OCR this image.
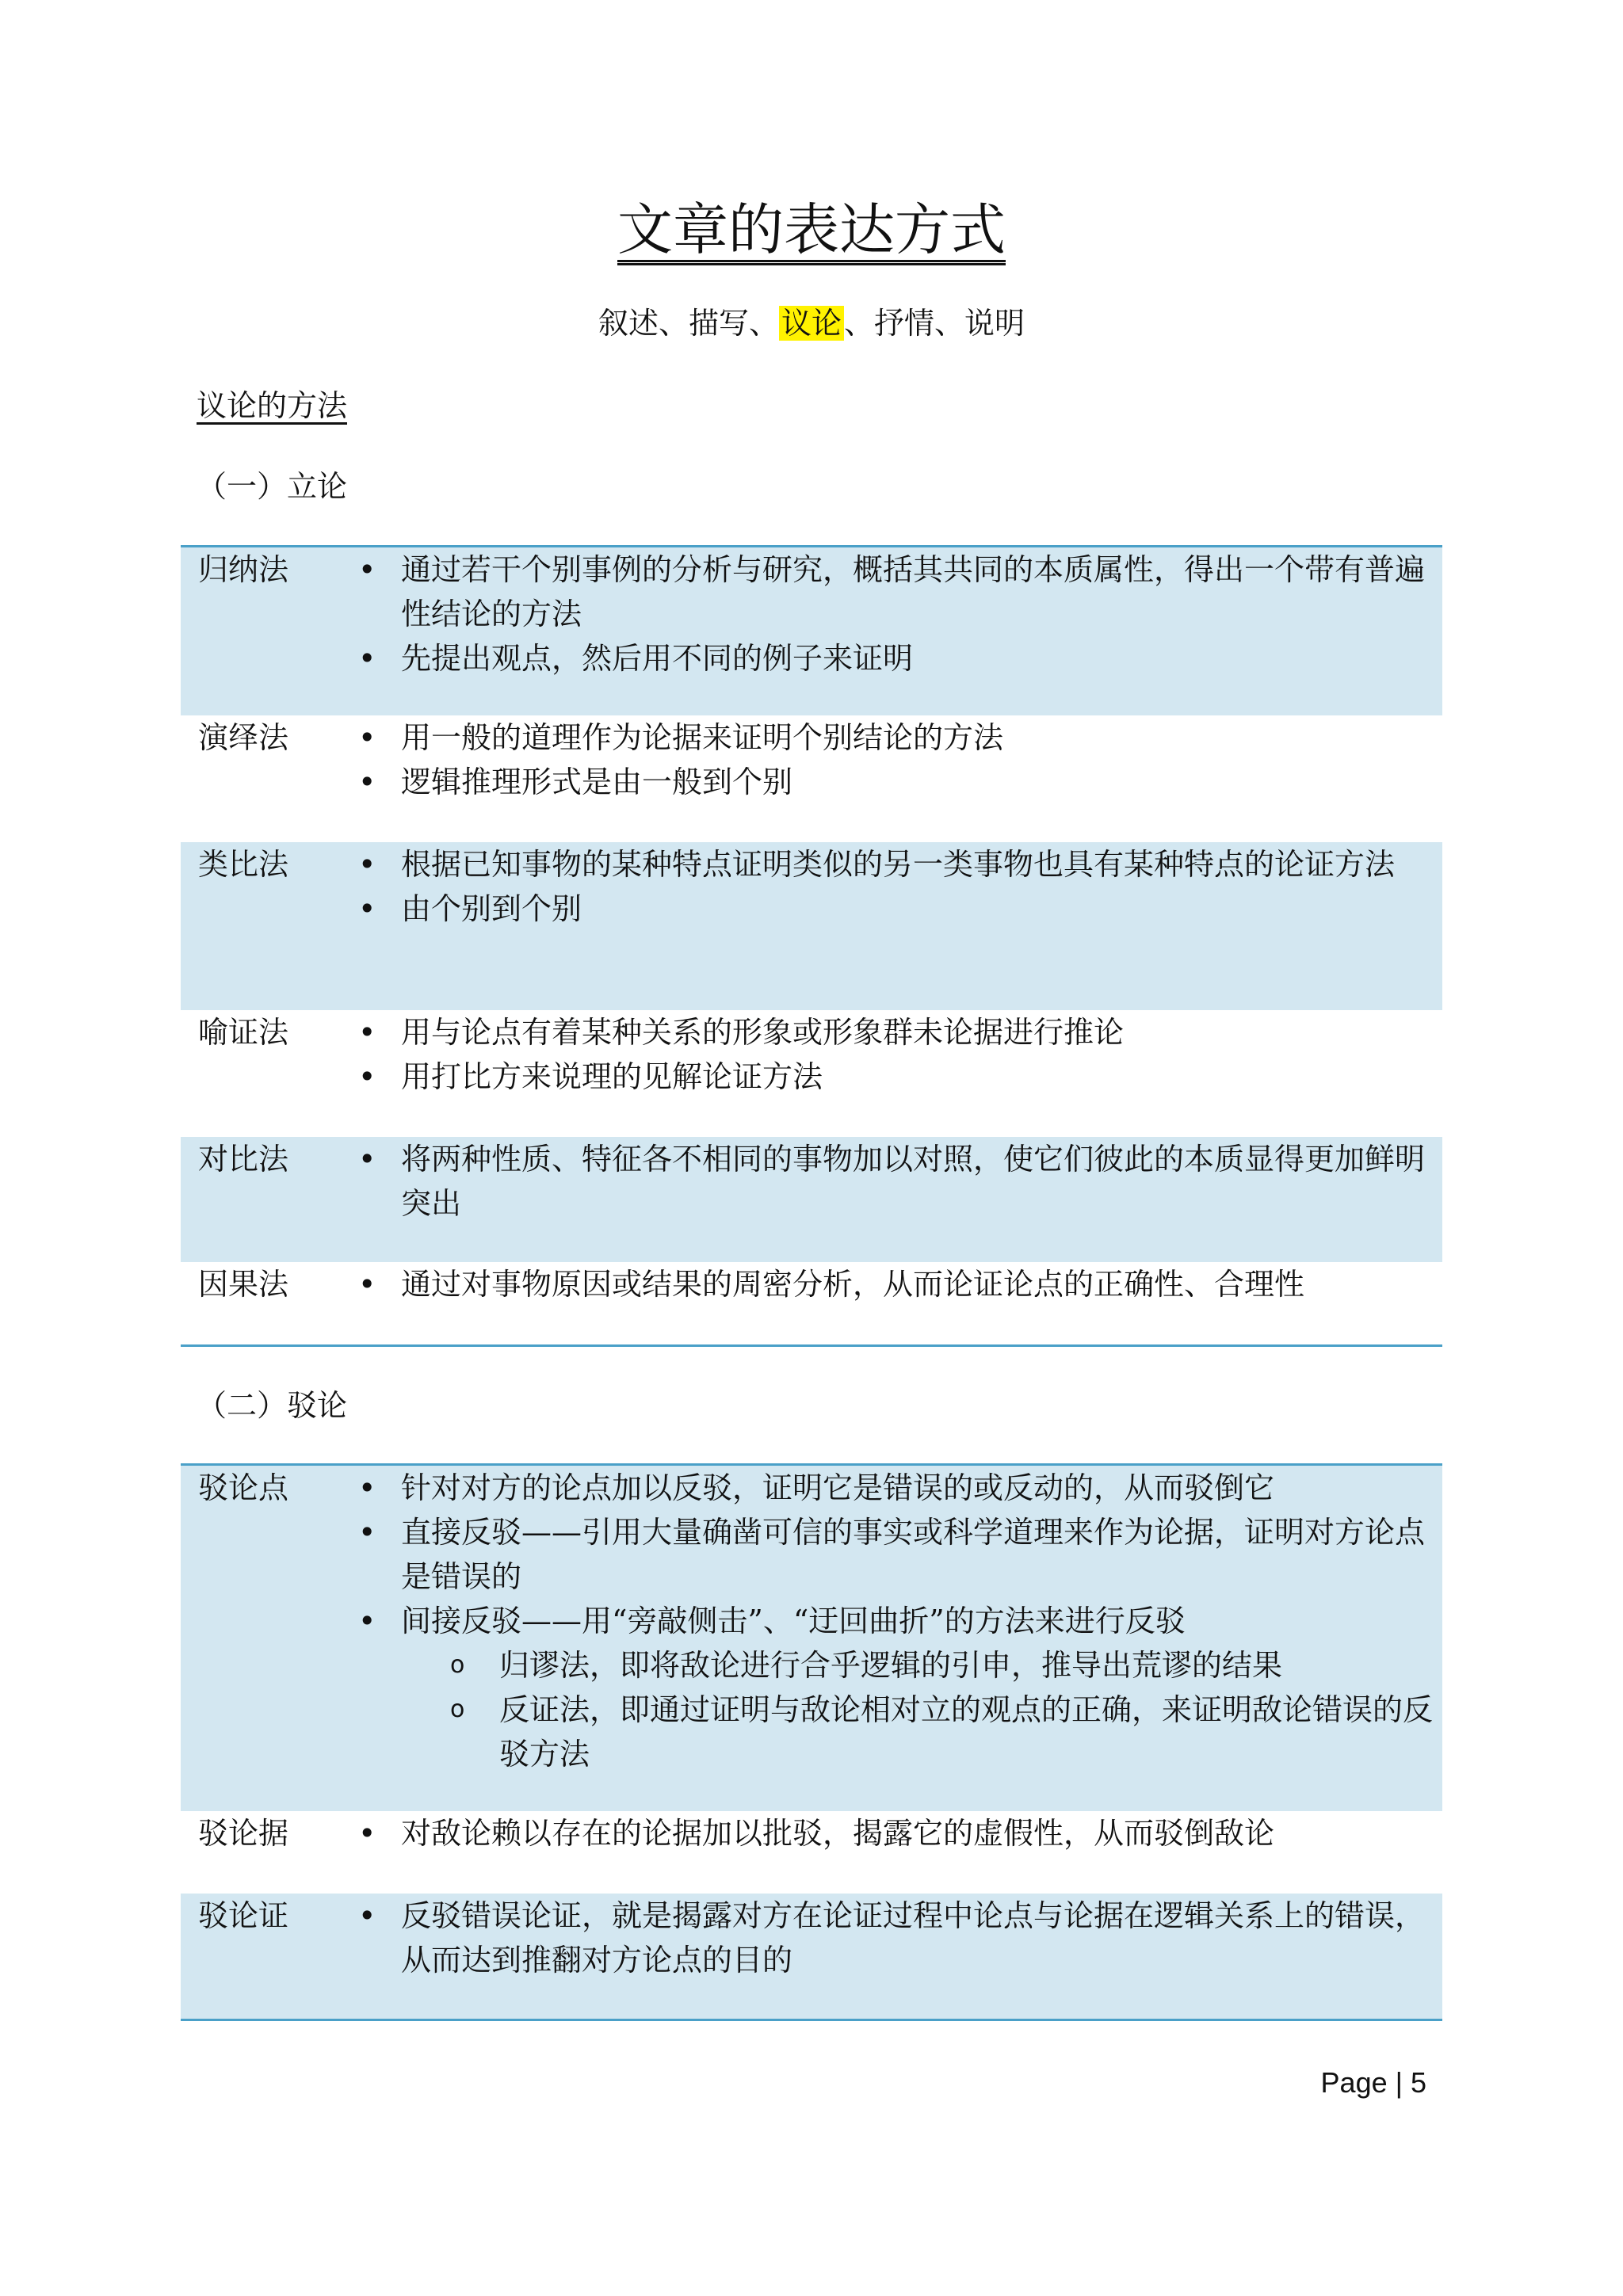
文章的表达方式
叙述、描写、议论、抒情、说明
议论的方法
（一）立论
归纳法	• 通过若干个别事例的分析与研究，概括其共同的本质属性，得出一个带有普遍性结论的方法
• 先提出观点，然后用不同的例子来证明
演绎法	• 用一般的道理作为论据来证明个别结论的方法
• 逻辑推理形式是由一般到个别
类比法	• 根据已知事物的某种特点证明类似的另一类事物也具有某种特点的论证方法
• 由个别到个别
喻证法	• 用与论点有着某种关系的形象或形象群未论据进行推论
• 用打比方来说理的见解论证方法
对比法	• 将两种性质、特征各不相同的事物加以对照，使它们彼此的本质显得更加鲜明突出
因果法	• 通过对事物原因或结果的周密分析，从而论证论点的正确性、合理性
（二）驳论
驳论点	• 针对对方的论点加以反驳，证明它是错误的或反动的，从而驳倒它
• 直接反驳——引用大量确凿可信的事实或科学道理来作为论据，证明对方论点是错误的
• 间接反驳——用“旁敲侧击”、“迂回曲折”的方法来进行反驳
o 归谬法，即将敌论进行合乎逻辑的引申，推导出荒谬的结果
o 反证法，即通过证明与敌论相对立的观点的正确，来证明敌论错误的反驳方法
驳论据	• 对敌论赖以存在的论据加以批驳，揭露它的虚假性，从而驳倒敌论
驳论证	• 反驳错误论证，就是揭露对方在论证过程中论点与论据在逻辑关系上的错误，从而达到推翻对方论点的目的
Page | 5
